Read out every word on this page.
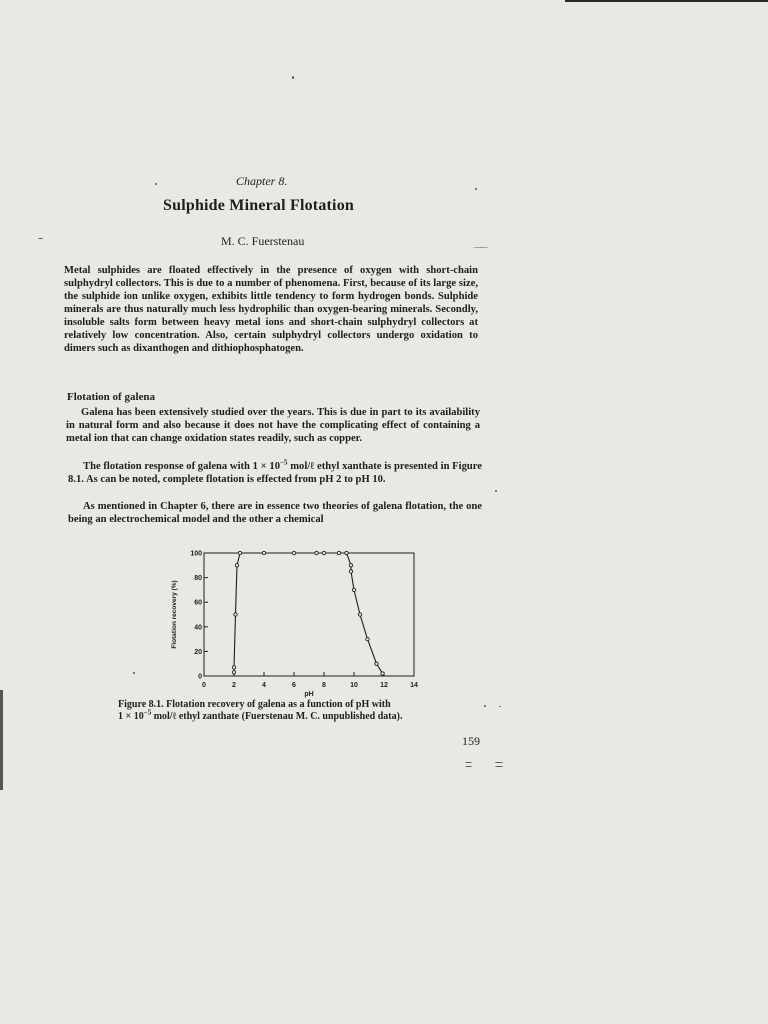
Chapter 8.
Sulphide Mineral Flotation
M. C. Fuerstenau
Metal sulphides are floated effectively in the presence of oxygen with short-chain sulphydryl collectors. This is due to a number of phenomena. First, because of its large size, the sulphide ion unlike oxygen, exhibits little tendency to form hydrogen bonds. Sulphide minerals are thus naturally much less hydrophilic than oxygen-bearing minerals. Secondly, insoluble salts form between heavy metal ions and short-chain sulphydryl collectors at relatively low concentration. Also, certain sulphydryl collectors undergo oxidation to dimers such as dixanthogen and dithiophosphatogen.
Flotation of galena
Galena has been extensively studied over the years. This is due in part to its availability in natural form and also because it does not have the complicating effect of containing a metal ion that can change oxidation states readily, such as copper.
The flotation response of galena with $1 \times 10^{-5}$ mol/ℓ ethyl xanthate is presented in Figure 8.1. As can be noted, complete flotation is effected from pH 2 to pH 10.
As mentioned in Chapter 6, there are in essence two theories of galena flotation, the one being an electrochemical model and the other a chemical
0	2	4	6	8	10	12	14
0
20
40
60
80
100
pH
Flotation recovery (%)
Figure 8.1. Flotation recovery of galena as a function of pH with
$1 \times 10^{-5}$ mol/ℓ ethyl zanthate (Fuerstenau M. C. unpublished data).
159
